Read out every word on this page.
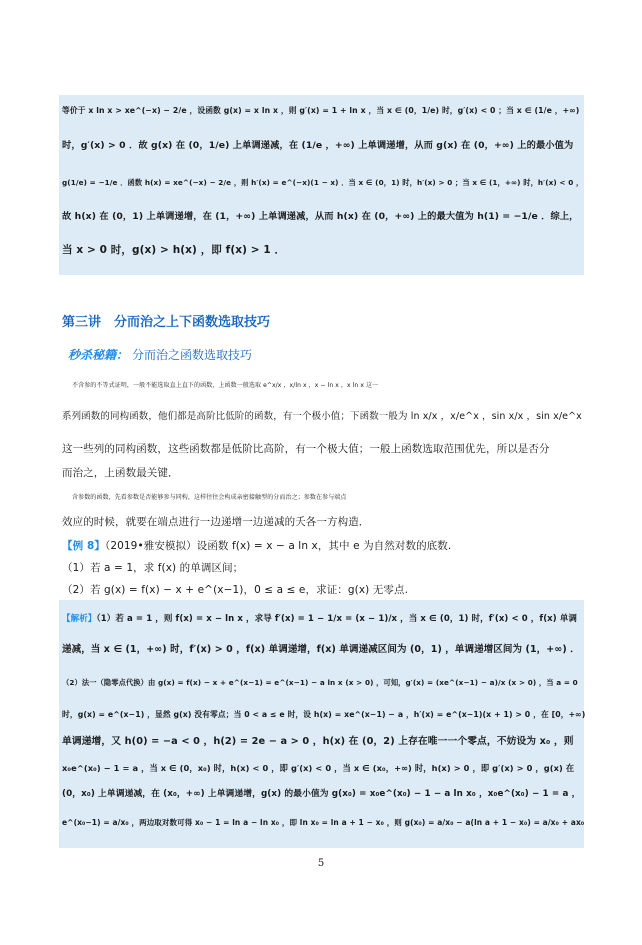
等价于 x ln x > xe^(−x) − 2/e ，设函数 g(x) = x ln x ，则 g′(x) = 1 + ln x ，当 x ∈ (0，1/e) 时，g′(x) < 0 ；当 x ∈ (1/e ，+∞)
时，g′(x) > 0 ．故 g(x) 在 (0，1/e) 上单调递减，在 (1/e ，+∞) 上单调递增，从而 g(x) 在 (0，+∞) 上的最小值为
g(1/e) = −1/e ．函数 h(x) = xe^(−x) − 2/e ，则 h′(x) = e^(−x)(1 − x) ．当 x ∈ (0，1) 时，h′(x) > 0 ；当 x ∈ (1，+∞) 时，h′(x) < 0 ，
故 h(x) 在 (0，1) 上单调递增，在 (1，+∞) 上单调递减，从而 h(x) 在 (0，+∞) 上的最大值为 h(1) = −1/e ．综上，
当 x > 0 时，g(x) > h(x) ，即 f(x) > 1 ．
第三讲　分而治之上下函数选取技巧
秒杀秘籍： 分而治之函数选取技巧
不含参的不等式证明，一般不能选取直上直下的函数，上函数一般选取 e^x/x ，x/ln x ，x − ln x ，x ln x 这一
系列函数的同构函数，他们都是高阶比低阶的函数，有一个极小值；下函数一般为 ln x/x ，x/e^x ，sin x/x ，sin x/e^x
这一些列的同构函数，这些函数都是低阶比高阶，有一个极大值；一般上函数选取范围优先，所以是否分
而治之，上函数最关键．
含参数的函数，先看参数是否能够参与同构，这样往往会构成亲密接触型的分而治之；参数在参与端点
效应的时候，就要在端点进行一边递增一边递减的夭各一方构造．
【例 8】（2019•雅安模拟）设函数 f(x) = x − a ln x，其中 e 为自然对数的底数.
（1）若 a = 1，求 f(x) 的单调区间；
（2）若 g(x) = f(x) − x + e^(x−1)，0 ≤ a ≤ e，求证：g(x) 无零点.
【解析】（1）若 a = 1 ，则 f(x) = x − ln x ，求导 f′(x) = 1 − 1/x = (x − 1)/x ，当 x ∈ (0，1) 时，f′(x) < 0 ，f(x) 单调
递减，当 x ∈ (1，+∞) 时，f′(x) > 0 ，f(x) 单调递增，f(x) 单调递减区间为 (0，1) ，单调递增区间为 (1，+∞) ．
（2）法一（隐零点代换）由 g(x) = f(x) − x + e^(x−1) = e^(x−1) − a ln x (x > 0) ，可知，g′(x) = (xe^(x−1) − a)/x (x > 0) ，当 a = 0
时，g(x) = e^(x−1) ，显然 g(x) 没有零点；当 0 < a ≤ e 时，设 h(x) = xe^(x−1) − a ，h′(x) = e^(x−1)(x + 1) > 0 ，在 [0，+∞)
单调递增，又 h(0) = −a < 0 ，h(2) = 2e − a > 0 ，h(x) 在 (0，2) 上存在唯一一个零点，不妨设为 x₀ ，则
x₀e^(x₀) − 1 = a ，当 x ∈ (0，x₀) 时，h(x) < 0 ，即 g′(x) < 0 ，当 x ∈ (x₀，+∞) 时，h(x) > 0 ，即 g′(x) > 0 ，g(x) 在
(0，x₀) 上单调递减，在 (x₀，+∞) 上单调递增，g(x) 的最小值为 g(x₀) = x₀e^(x₀) − 1 − a ln x₀ ，x₀e^(x₀) − 1 = a ，
e^(x₀−1) = a/x₀ ，两边取对数可得 x₀ − 1 = ln a − ln x₀ ，即 ln x₀ = ln a + 1 − x₀ ，则 g(x₀) = a/x₀ − a(ln a + 1 − x₀) = a/x₀ + ax₀
5
